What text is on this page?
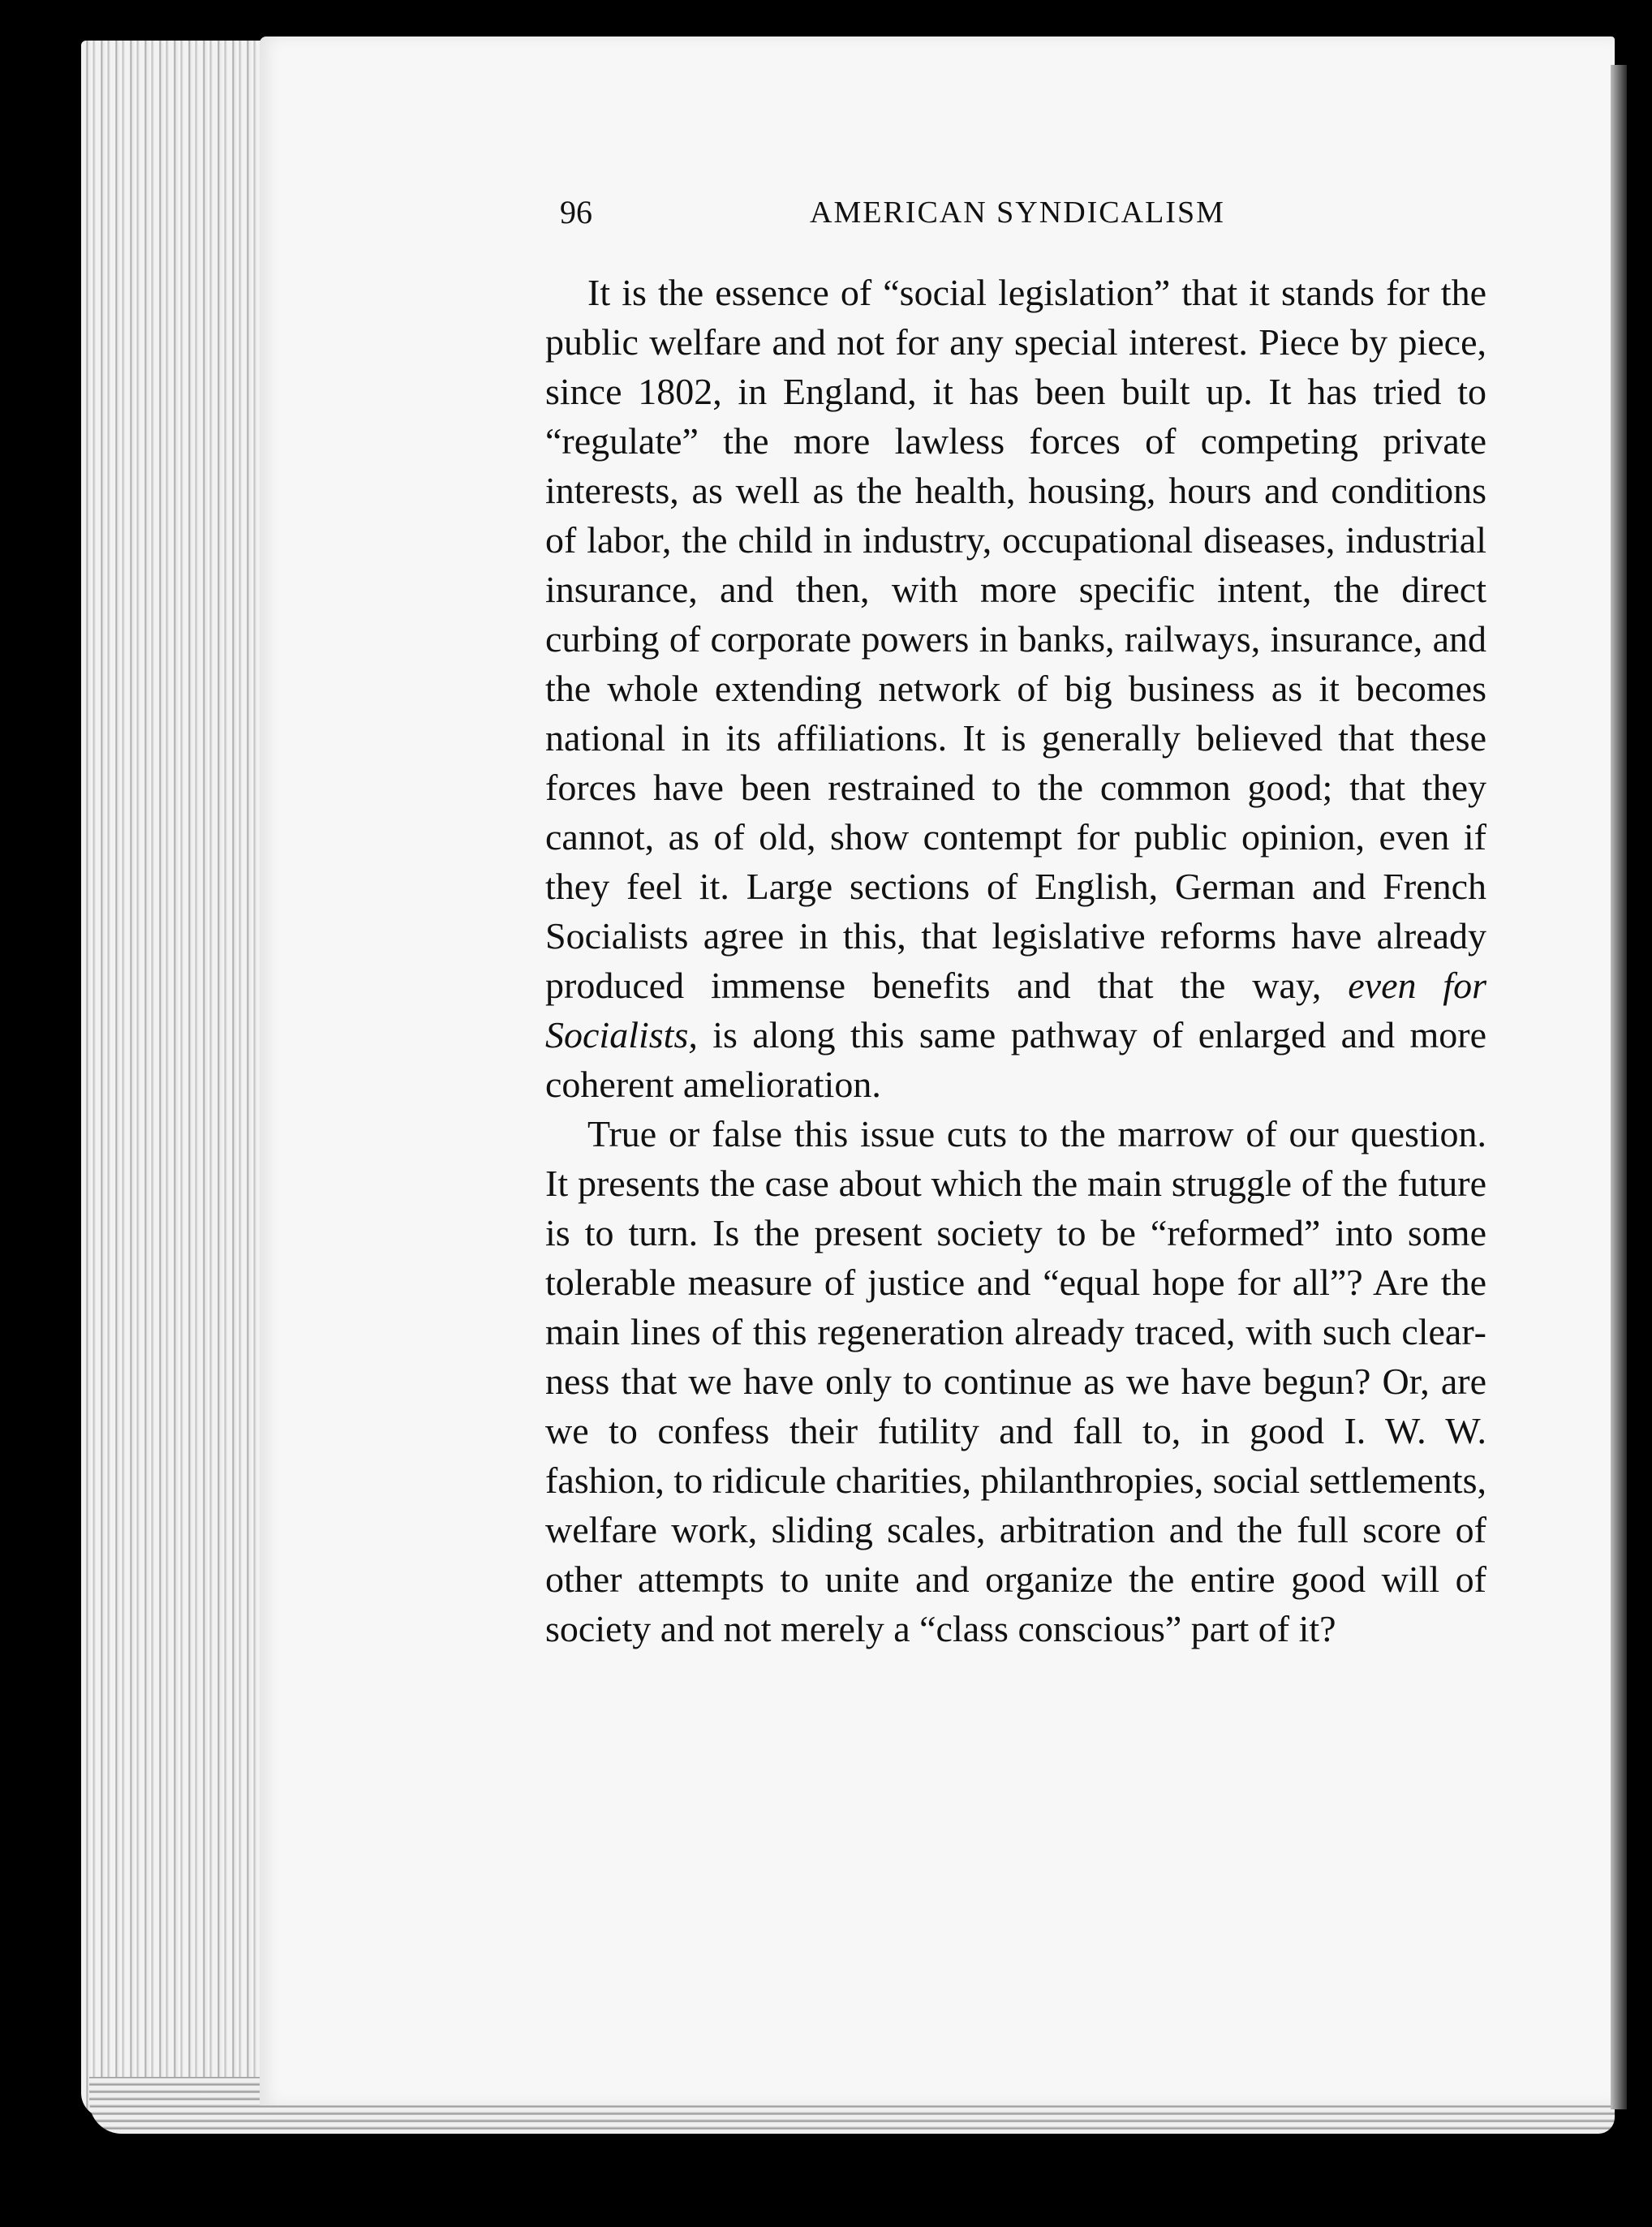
96	AMERICAN SYNDICALISM

It is the essence of “social legislation” that it stands for the public welfare and not for any special interest. Piece by piece, since 1802, in England, it has been built up. It has tried to “regulate” the more lawless forces of competing private interests, as well as the health, housing, hours and conditions of labor, the child in industry, occupational diseases, industrial insurance, and then, with more specific intent, the direct curbing of corporate powers in banks, railways, insurance, and the whole extending network of big business as it becomes national in its affiliations. It is generally believed that these forces have been restrained to the common good; that they cannot, as of old, show contempt for public opinion, even if they feel it. Large sections of English, German and French Socialists agree in this, that legislative reforms have already produced immense benefits and that the way, even for Socialists, is along this same pathway of enlarged and more coherent amelioration.

True or false this issue cuts to the marrow of our question. It presents the case about which the main struggle of the future is to turn. Is the present society to be “reformed” into some tolerable measure of justice and “equal hope for all”? Are the main lines of this regeneration already traced, with such clearness that we have only to continue as we have begun? Or, are we to confess their futility and fall to, in good I. W. W. fashion, to ridicule charities, philanthropies, social settlements, welfare work, sliding scales, arbitration and the full score of other attempts to unite and organize the entire good will of society and not merely a “class conscious” part of it?
